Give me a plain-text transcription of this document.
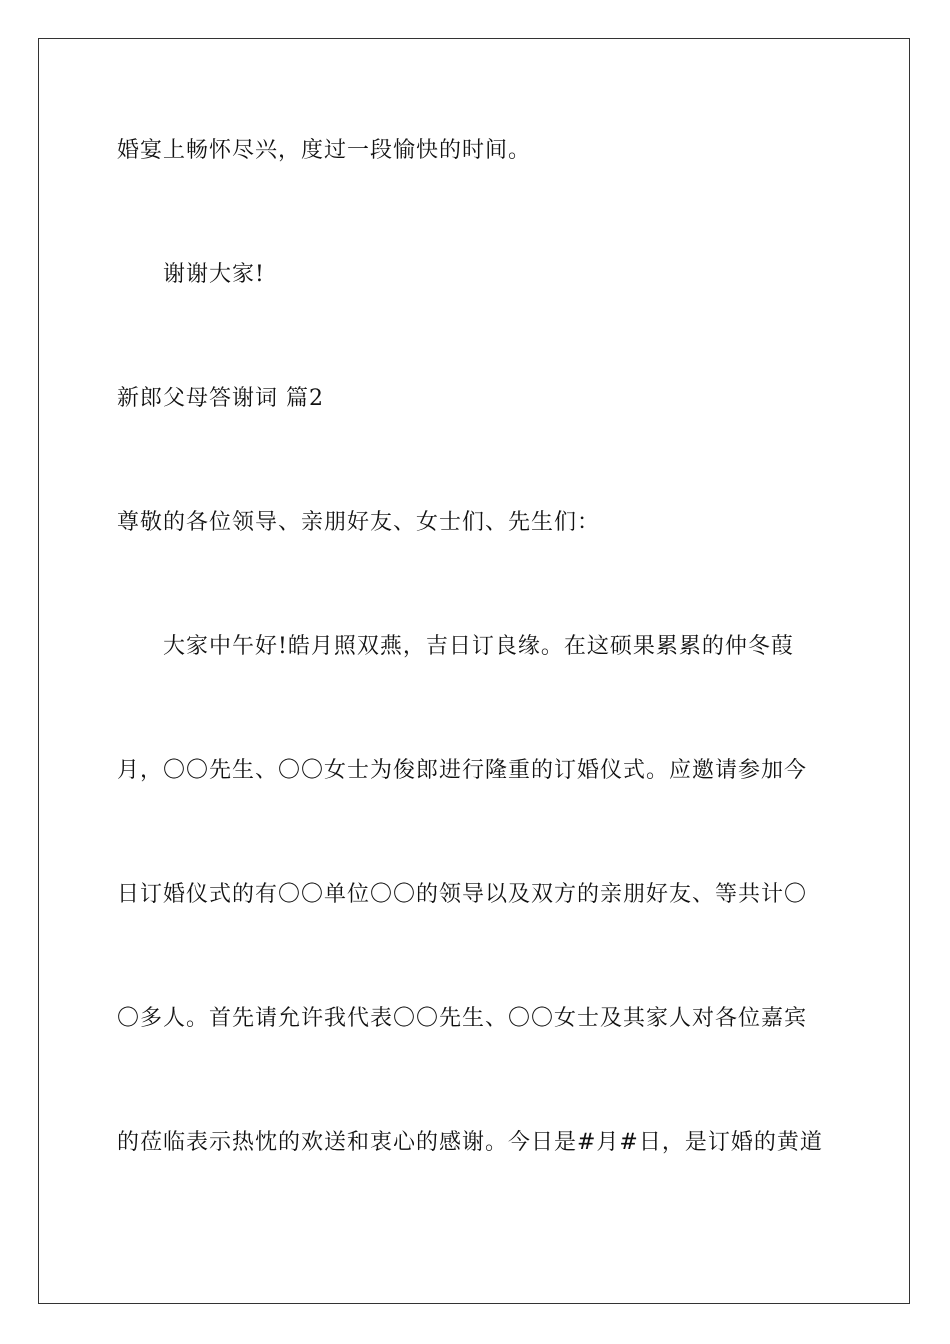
婚宴上畅怀尽兴，度过一段愉快的时间。
谢谢大家!
新郎父母答谢词 篇2
尊敬的各位领导、亲朋好友、女士们、先生们：
大家中午好!皓月照双燕，吉日订良缘。在这硕果累累的仲冬葭
月，〇〇先生、〇〇女士为俊郎进行隆重的订婚仪式。应邀请参加今
日订婚仪式的有〇〇单位〇〇的领导以及双方的亲朋好友、等共计〇
〇多人。首先请允许我代表〇〇先生、〇〇女士及其家人对各位嘉宾
的莅临表示热忱的欢送和衷心的感谢。今日是#月#日，是订婚的黄道
